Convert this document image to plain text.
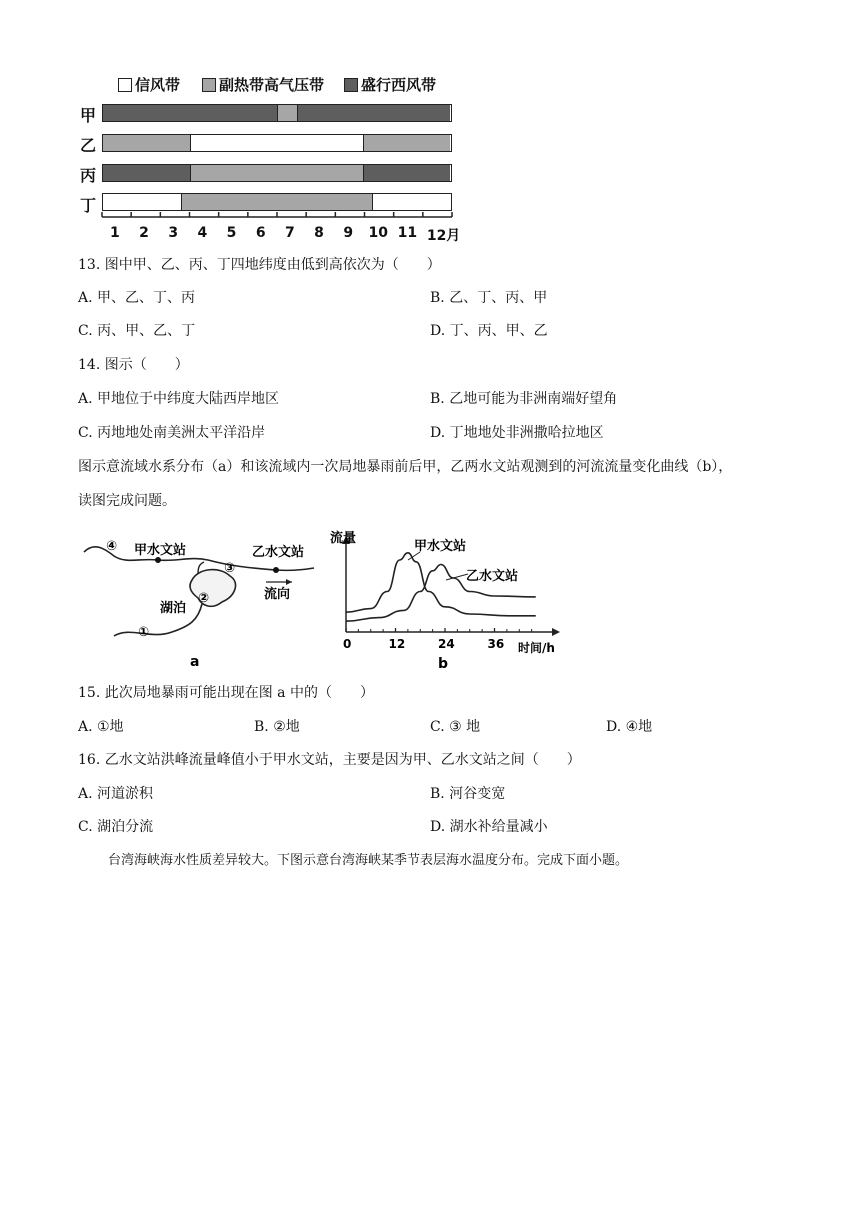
信风带	副热带高气压带 盛行西风带
甲
乙
丙
丁
1 2 3 4 5 6 7 8 9 10 11 12月
13. 图中甲、乙、丙、丁四地纬度由低到高依次为（　　）
A. 甲、乙、丁、丙	B. 乙、丁、丙、甲
C. 丙、甲、乙、丁	D. 丁、丙、甲、乙
14. 图示（　　）
A. 甲地位于中纬度大陆西岸地区	B. 乙地可能为非洲南端好望角
C. 丙地地处南美洲太平洋沿岸	D. 丁地地处非洲撒哈拉地区
图示意流域水系分布（a）和该流域内一次局地暴雨前后甲，乙两水文站观测到的河流流量变化曲线（b），
读图完成问题。
④ 甲水文站
③
乙水文站
②
湖泊
流向
①
a
流量
时间/h
b
0	12	24	36
甲水文站
乙水文站
15. 此次局地暴雨可能出现在图 a 中的（　　）
A. ①地	B. ②地	C. ③ 地	D. ④地
16. 乙水文站洪峰流量峰值小于甲水文站，主要是因为甲、乙水文站之间（　　）
A. 河道淤积	B. 河谷变宽
C. 湖泊分流	D. 湖水补给量减小
台湾海峡海水性质差异较大。下图示意台湾海峡某季节表层海水温度分布。完成下面小题。
